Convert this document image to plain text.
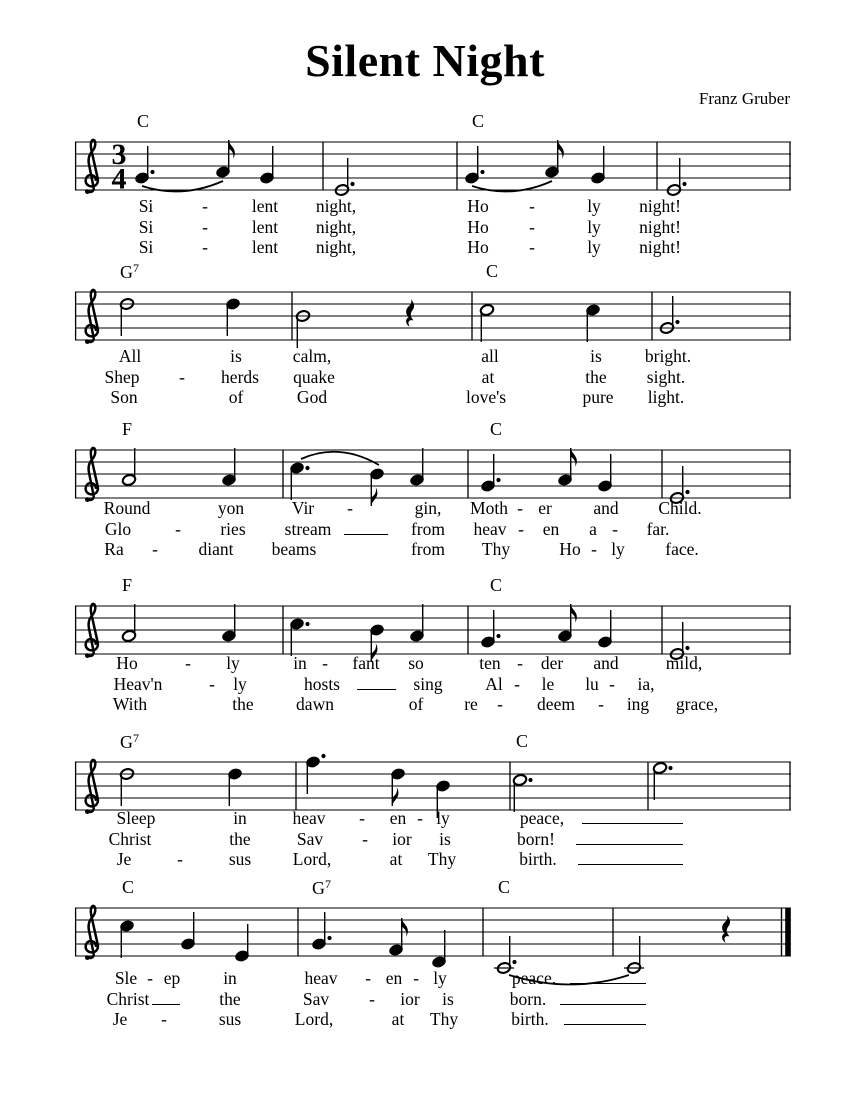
Silent Night
Franz Gruber
3
4
C	C
Si	-	lent night,	Ho -	ly night!
Si	-	lent night,	Ho -	ly night!
Si	-	lent night,	Ho -	ly night!
$G^7$	C
All	is	calm,	all	is bright.
Shep - herds quake	at	the sight.
Son	of	God	love's	pure light.
F	C
Round	yon	Vir -	gin, Moth - er and Child.
Glo	- ries stream	from heav - en a - far.
Ra - diant beams	from Thy	Ho - ly face.
F	C
Ho	- ly	in - fant so	ten - der and	mild,
Heav'n	- ly	hosts	sing Al - le lu - ia,
With	the dawn	of re - deem - ing grace,
$G^7$	C
Sleep	in	heav - en - ly	peace,
Christ	the	Sav - ior is	born!
Je	-	sus Lord,	at Thy	birth.
C	$G^7$	C
Sle - ep in	heav - en - ly	peace.
Christ	the	Sav - ior is	born.
Je -	sus	Lord,	at Thy	birth.
